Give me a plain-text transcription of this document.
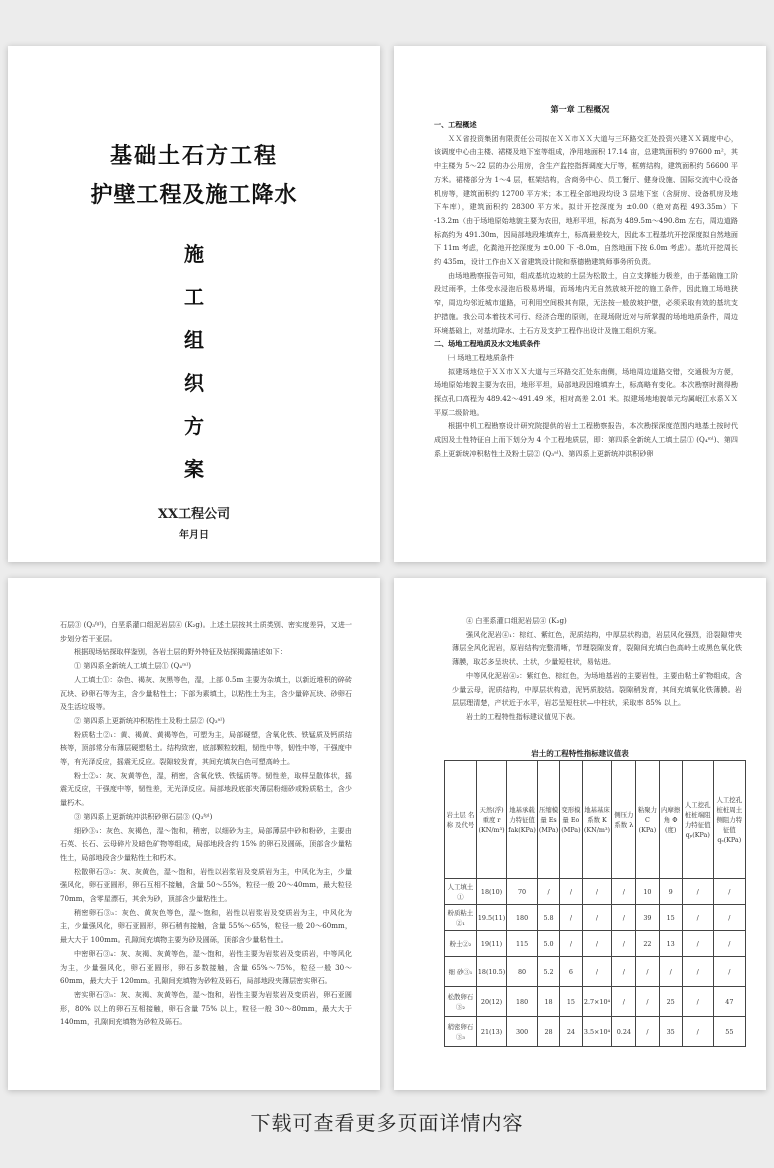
基础土石方工程
护壁工程及施工降水
施
工
组
织
方
案
XX工程公司
年月日
第一章 工程概况
一、工程概述
ＸＸ省投资集团有限责任公司拟在ＸＸ市ＸＸ大道与三环路交汇处投资兴建ＸＸ调度中心，该调度中心由主楼、裙楼及地下室等组成，净用地面积 17.14 亩，总建筑面积约 97600 m²，其中主楼为 5～22 层的办公用房，含生产监控指挥调度大厅等，框剪结构，建筑面积约 56600 平方米。裙楼部分为 1～4 层，框架结构，含商务中心、员工餐厅、健身设施、国际交流中心设备机房等，建筑面积约 12700 平方米；本工程全部地段均设 3 层地下室（含厨房、设备机房及地下车库），建筑面积约 28300 平方米。拟计开挖深度为 ±0.00（绝对高程 493.35m）下 -13.2m（由于场地原始地貌主要为农田，地形平坦，标高为 489.5m～490.8m 左右，周边道路标高约为 491.30m，因局部地段堆填弃土，标高最差较大，因此本工程基坑开挖深度拟自然地面下 11m 考虑，化粪池开挖深度为 ±0.00 下 -8.0m，自然地面下按 6.0m 考虑）。基坑开挖周长约 435m，设计工作由ＸＸ省建筑设计院和蔡德勘建筑师事务所负责。
由场地勘察报告可知，组成基坑边坡的土层为松散土，自立支撑能力极差，由于基础施工阶段过雨季，土体受水浸泡后极易坍塌，而场地内无自然放坡开挖的施工条件，因此施工场地狭窄，周边均邻近城市道路，可利用空间极其有限，无法按一般放坡护壁，必须采取有效的基坑支护措施。我公司本着技术可行、经济合理的原则，在现场附近对与所掌握的场地地质条件，周边环境基础上，对基坑降水、土石方及支护工程作出设计及施工组织方案。
二、场地工程地质及水文地质条件
㈠ 场地工程地质条件
拟建场地位于ＸＸ市ＸＸ大道与三环路交汇处东南侧，场地周边道路交错，交通极为方便，场地原始地貌主要为农田，地形平坦，局部地段因堆填弃土，标高略有变化。本次勘察时测得勘探点孔口高程为 489.42～491.49 米，相对高差 2.01 米。拟建场地地貌单元均属岷江水系ＸＸ平原二级阶地。
根据中机工程勘察设计研究院提供的岩土工程勘察报告，本次勘探深度范围内地基土按时代成因及土性特征自上而下划分为 4 个工程地质层，即：第四系全新统人工填土层① (Q₄ᵐˡ)、第四系上更新统冲积粘性土及粉土层② (Q₃ᵃˡ)、第四系上更新统冲洪积砂卵
石层③ (Q₃ᶠᵍˡ)，白垩系灌口组泥岩层④ (K₂g)。上述土层按其土质类别、密实度差异，又进一步划分若干亚层。
根据现场钻探取样鉴别，各岩土层的野外特征及钻探揭露描述如下：
① 第四系全新统人工填土层① (Q₄ᵐˡ)
人工填土①：杂色、褐灰、灰黑等色，湿，上部 0.5m 主要为杂填土，以新近堆积的碎砖瓦块、砂卵石等为主，含少量粘性土；下部为素填土，以粘性土为主，含少量碎瓦块、砂卵石及生活垃圾等。
② 第四系上更新统冲积粘性土及粉土层② (Q₃ᵃˡ)
粉质粘土②₁：黄、褐黄、黄褐等色，可塑为主，局部硬塑，含氧化铁、铁锰质及钙质结核等，顶部常分布薄层硬塑粘土。结构致密，底部颗粒较粗，韧性中等，韧性中等，干强度中等，有光泽反应，摇震无反应。裂隙较发育，其间充填灰白色可塑高岭土。
粉土②₂：灰、灰黄等色，湿，稍密，含氧化铁、铁锰质等。韧性差，取样呈散体状，摇震无反应，干强度中等，韧性差，无光泽反应。局部地段底部夹薄层粉细砂或粉质粘土，含少量朽木。
③ 第四系上更新统冲洪积砂卵石层③ (Q₃ᶠᵍˡ)
细砂③₁：灰色、灰褐色，湿～饱和，稍密，以细砂为主，局部薄层中砂和粉砂，主要由石英、长石、云母碎片及暗色矿物等组成，局部地段含约 15% 的卵石及圆砾，顶部含少量粘性土，局部地段含少量粘性土和朽木。
松散卵石③₂：灰、灰黄色，湿～饱和，岩性以岩浆岩及变质岩为主，中风化为主，少量强风化，卵石亚圆形，卵石互相不接触，含量 50～55%，粒径一般 20～40mm，最大粒径 70mm，含零星漂石，其余为砂，顶部含少量粘性土。
稍密卵石③₃：灰色、黄灰色等色，湿～饱和，岩性以岩浆岩及变质岩为主，中风化为主，少量强风化，卵石亚圆形，卵石稍有接触，含量 55%～65%，粒径一般 20～60mm，最大大于 100mm。孔隙间充填物主要为砂及圆砾，顶部含少量粘性土。
中密卵石③₄：灰、灰褐、灰黄等色，湿～饱和，岩性主要为岩浆岩及变质岩，中等风化为主，少量强风化，卵石亚圆形，卵石多数接触，含量 65%～75%，粒径一般 30～60mm，最大大于 120mm。孔隙间充填物为砂粒及砾石，局部地段夹薄层密实卵石。
密实卵石③₅：灰、灰褐、灰黄等色，湿～饱和，岩性主要为岩浆岩及变质岩，卵石亚圆形，80% 以上的卵石互相接触，卵石含量 75% 以上，粒径一般 30～80mm，最大大于 140mm，孔隙间充填物为砂粒及砾石。
④ 白垩系灌口组泥岩层④ (K₂g)
强风化泥岩④₁：棕红、紫红色，泥质结构，中厚层状构造，岩层风化强烈，沿裂隙带夹薄层全风化泥岩，原岩结构完整清晰，节理裂隙发育，裂隙间充填白色高岭土或黑色氧化铁薄膜，取芯多呈块状、土状，少量短柱状，易钻进。
中等风化泥岩④₂：紫红色、棕红色，为场地基岩的主要岩性，主要由粘土矿物组成，含少量云母，泥质结构，中厚层状构造，泥钙质胶结。裂隙稍发育，其间充填氧化铁薄膜。岩层层理清楚，产状近于水平，岩芯呈短柱状—中柱状，采取率 85% 以上。
岩土的工程特性指标建议值见下表。
岩土的工程特性指标建议值表
岩土层 名 称 及代号	天然(浮)重度 r (KN/m³)	地基承载力特征值 fak(KPa)	压缩模量 Es (MPa)	变形模量 Eo (MPa)	地基基床系数 K (KN/m³)	侧压力系数 λ	粘聚力 C (KPa)	内摩擦角 Φ (度)	人工挖孔桩桩端阻力特征值 qₚ(KPa)	人工挖孔桩桩周土侧阻力特征值 qₛ(KPa)
人工填土①	18(10)	70	/	/	/	/	10	9	/	/
粉质粘土②₁	19.5(11)	180	5.8	/	/	/	39	15	/	/
粉土②₂	19(11)	115	5.0	/	/	/	22	13	/	/
细 砂③₁	18(10.5)	80	5.2	6	/	/	/	/	/	/
松散卵石③₂	20(12)	180	18	15	2.7×10⁴	/	/	25	/	47
稍密卵石③₃	21(13)	300	28	24	3.5×10⁴	0.24	/	35	/	55
下载可查看更多页面详情内容
